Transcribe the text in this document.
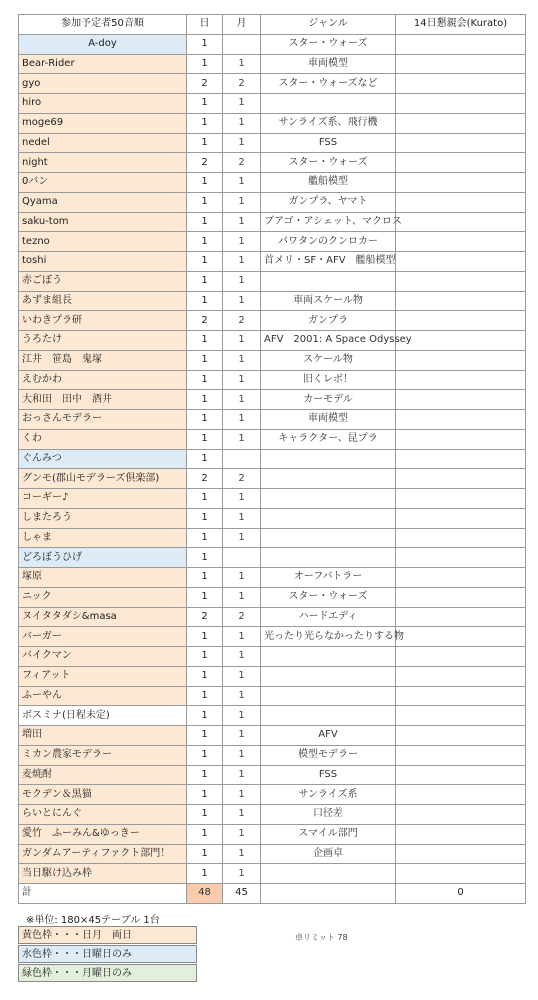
参加予定者50音順	日	月	ジャンル	14日懇親会(Kurato)
A-doy	1		スター・ウォーズ	
Bear-Rider	1	1	車両模型	
gyo	2	2	スター・ウォーズなど	
hiro	1	1		
moge69	1	1	サンライズ系、飛行機	
nedel	1	1	FSS	
night	2	2	スター・ウォーズ	
0バン	1	1	艦船模型	
Qyama	1	1	ガンプラ、ヤマト	
saku-tom	1	1	ブアゴ・アシェット、マクロス	
tezno	1	1	パワタンのクンロカー	
toshi	1	1	首メリ・SF・AFV　艦船模型	
赤ごぼう	1	1		
あずま組長	1	1	車両スケール物	
いわきプラ研	2	2	ガンプラ	
うろたけ	1	1	AFV　2001: A Space Odyssey	
江井　笹島　鬼塚	1	1	スケール物	
えむかわ	1	1	旧くレボ！	
大和田　田中　酒井	1	1	カーモデル	
おっさんモデラー	1	1	車両模型	
くわ	1	1	キャラクター、昆プラ	
ぐんみつ	1			
グンモ(郡山モデラーズ倶楽部)	2	2		
コーギー♪	1	1		
しまたろう	1	1		
しゃま	1	1		
どろぼうひげ	1			
塚原	1	1	オーフバトラー	
ニック	1	1	スター・ウォーズ	
ヌイタタダシ&masa	2	2	ハードエディ	
バーガー	1	1	光ったり光らなかったりする物	
バイクマン	1	1		
フィアット	1	1		
ふーやん	1	1		
ボスミナ(日程未定)	1	1		
増田	1	1	AFV	
ミカン農家モデラー	1	1	模型モデラー	
麦焼酎	1	1	FSS	
モクデン＆黒猫	1	1	サンライズ系	
らいとにんぐ	1	1	口径差	
愛竹　ふーみん&ゆっきー	1	1	スマイル部門	
ガンダムアーティファクト部門！	1	1	企画卓	
当日駆け込み枠	1	1		
計	48	45		0
※単位: 180×45テーブル 1台
卓リミット 78
黄色枠・・・日月　両日
水色枠・・・日曜日のみ
緑色枠・・・月曜日のみ
